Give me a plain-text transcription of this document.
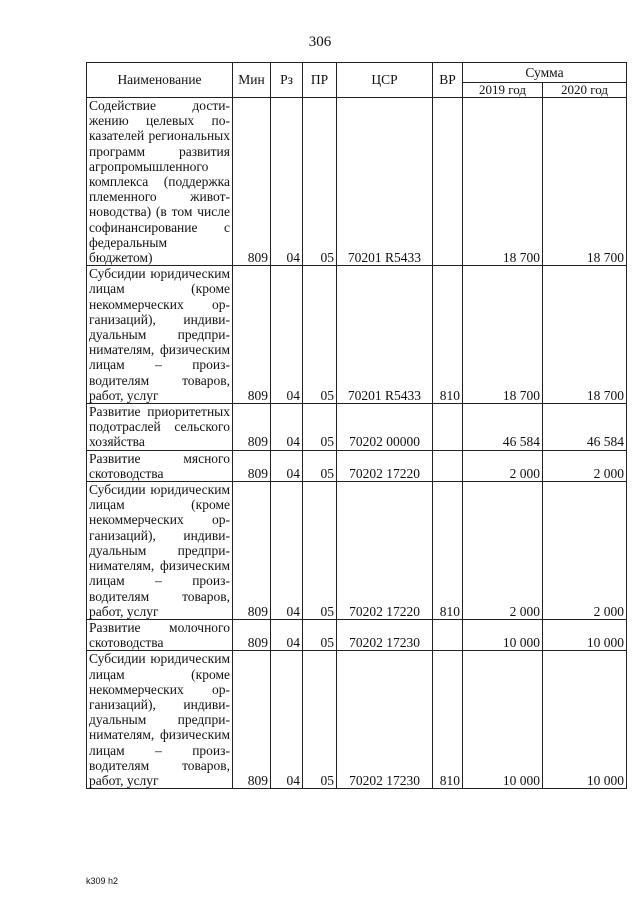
306
Наименование	Мин	Рз	ПР	ЦСР	ВР	Сумма	
						2019 год	2020 год
Содействие достижению целевых показателей региональных программ развития агропромышленного комплекса (поддержка племенного животноводства) (в том числе софинансирование с федеральным бюджетом)	809	04	05	70201 R5433		18 700	18 700
Субсидии юридическим лицам (кроме некоммерческих организаций), индивидуальным предпринимателям, физическим лицам – производителям товаров, работ, услуг	809	04	05	70201 R5433	810	18 700	18 700
Развитие приоритетных подотраслей сельского хозяйства	809	04	05	70202 00000		46 584	46 584
Развитие мясного скотоводства	809	04	05	70202 17220		2 000	2 000
Субсидии юридическим лицам (кроме некоммерческих организаций), индивидуальным предпринимателям, физическим лицам – производителям товаров, работ, услуг	809	04	05	70202 17220	810	2 000	2 000
Развитие молочного скотоводства	809	04	05	70202 17230		10 000	10 000
Субсидии юридическим лицам (кроме некоммерческих организаций), индивидуальным предпринимателям, физическим лицам – производителям товаров, работ, услуг	809	04	05	70202 17230	810	10 000	10 000
k309 h2
